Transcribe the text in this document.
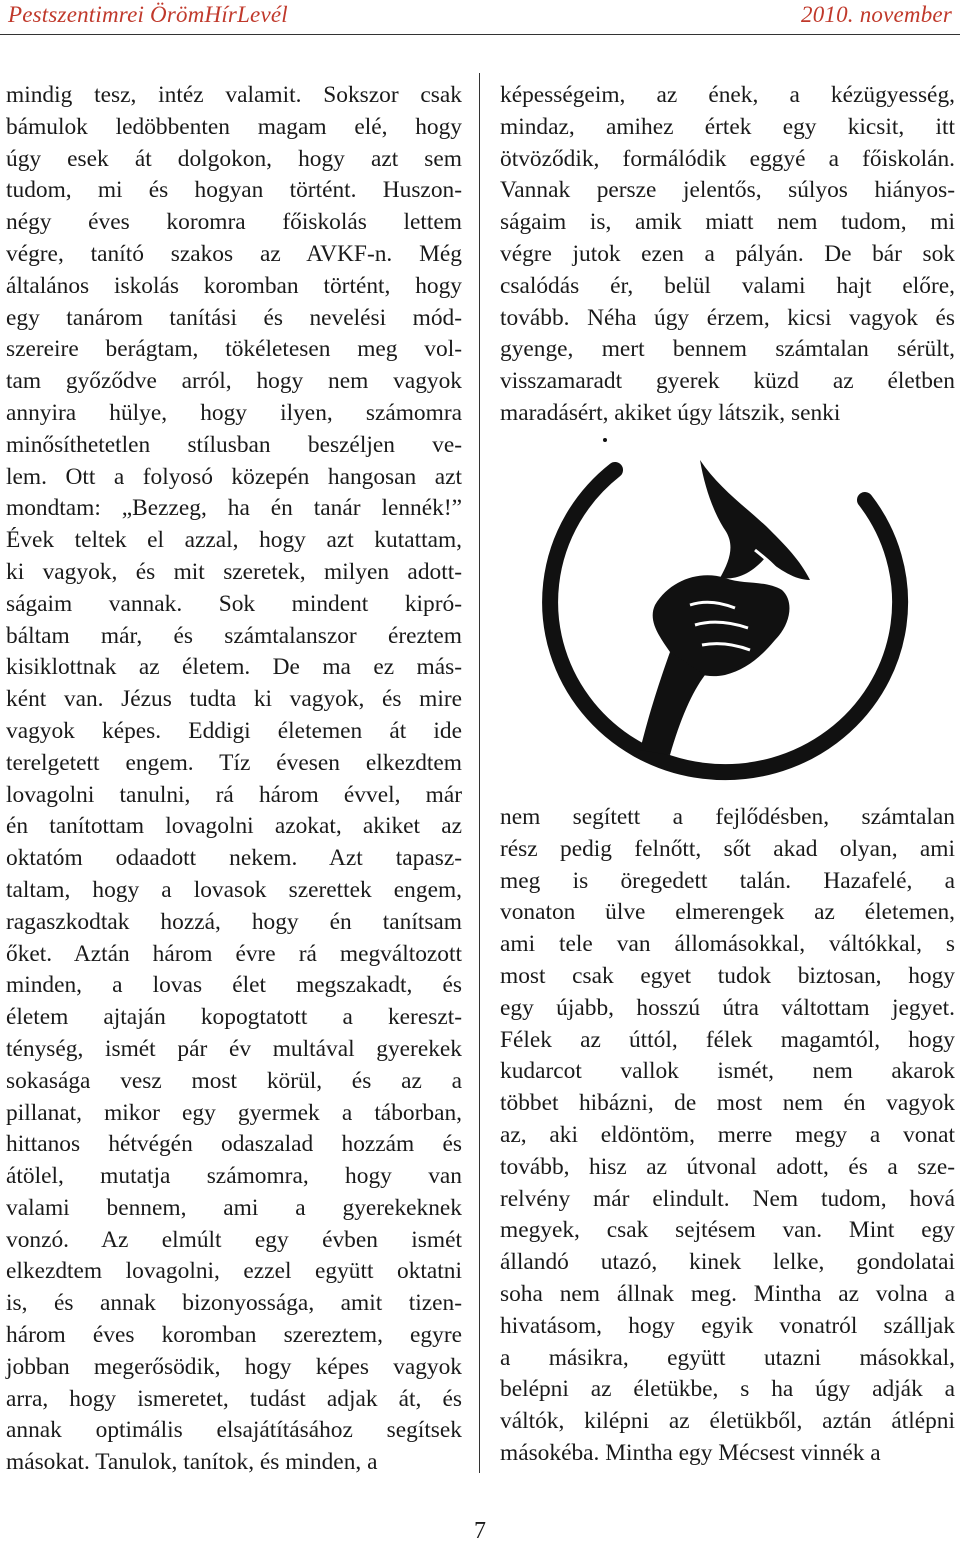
Pestszentimrei ÖrömHírLevél	2010. november
mindig tesz, intéz valamit. Sokszor csak
bámulok ledöbbenten magam elé, hogy
úgy esek át dolgokon, hogy azt sem
tudom, mi és hogyan történt. Huszon-
négy éves koromra főiskolás lettem
végre, tanító szakos az AVKF-n. Még
általános iskolás koromban történt, hogy
egy tanárom tanítási és nevelési mód-
szereire berágtam, tökéletesen meg vol-
tam győződve arról, hogy nem vagyok
annyira hülye, hogy ilyen, számomra
minősíthetetlen stílusban beszéljen ve-
lem. Ott a folyosó közepén hangosan azt
mondtam: „Bezzeg, ha én tanár lennék!”
Évek teltek el azzal, hogy azt kutattam,
ki vagyok, és mit szeretek, milyen adott-
ságaim vannak. Sok mindent kipró-
báltam már, és számtalanszor éreztem
kisiklottnak az életem. De ma ez más-
ként van. Jézus tudta ki vagyok, és mire
vagyok képes. Eddigi életemen át ide
terelgetett engem. Tíz évesen elkezdtem
lovagolni tanulni, rá három évvel, már
én tanítottam lovagolni azokat, akiket az
oktatóm odaadott nekem. Azt tapasz-
taltam, hogy a lovasok szerettek engem,
ragaszkodtak hozzá, hogy én tanítsam
őket. Aztán három évre rá megváltozott
minden, a lovas élet megszakadt, és
életem ajtaján kopogtatott a kereszt-
ténység, ismét pár év multával gyerekek
sokasága vesz most körül, és az a
pillanat, mikor egy gyermek a táborban,
hittanos hétvégén odaszalad hozzám és
átölel, mutatja számomra, hogy van
valami bennem, ami a gyerekeknek
vonzó. Az elmúlt egy évben ismét
elkezdtem lovagolni, ezzel együtt oktatni
is, és annak bizonyossága, amit tizen-
három éves koromban szereztem, egyre
jobban megerősödik, hogy képes vagyok
arra, hogy ismeretet, tudást adjak át, és
annak optimális elsajátításához segítsek
másokat. Tanulok, tanítok, és minden, a
képességeim, az ének, a kézügyesség,
mindaz, amihez értek egy kicsit, itt
ötvöződik, formálódik eggyé a főiskolán.
Vannak persze jelentős, súlyos hiányos-
ságaim is, amik miatt nem tudom, mi
végre jutok ezen a pályán. De bár sok
csalódás ér, belül valami hajt előre,
tovább. Néha úgy érzem, kicsi vagyok és
gyenge, mert bennem számtalan sérült,
visszamaradt gyerek küzd az életben
maradásért, akiket úgy látszik, senki
nem segített a fejlődésben, számtalan
rész pedig felnőtt, sőt akad olyan, ami
meg is öregedett talán. Hazafelé, a
vonaton ülve elmerengek az életemen,
ami tele van állomásokkal, váltókkal, s
most csak egyet tudok biztosan, hogy
egy újabb, hosszú útra váltottam jegyet.
Félek az úttól, félek magamtól, hogy
kudarcot vallok ismét, nem akarok
többet hibázni, de most nem én vagyok
az, aki eldöntöm, merre megy a vonat
tovább, hisz az útvonal adott, és a sze-
relvény már elindult. Nem tudom, hová
megyek, csak sejtésem van. Mint egy
állandó utazó, kinek lelke, gondolatai
soha nem állnak meg. Mintha az volna a
hivatásom, hogy egyik vonatról szálljak
a másikra, együtt utazni másokkal,
belépni az életükbe, s ha úgy adják a
váltók, kilépni az életükből, aztán átlépni
másokéba. Mintha egy Mécsest vinnék a
7
